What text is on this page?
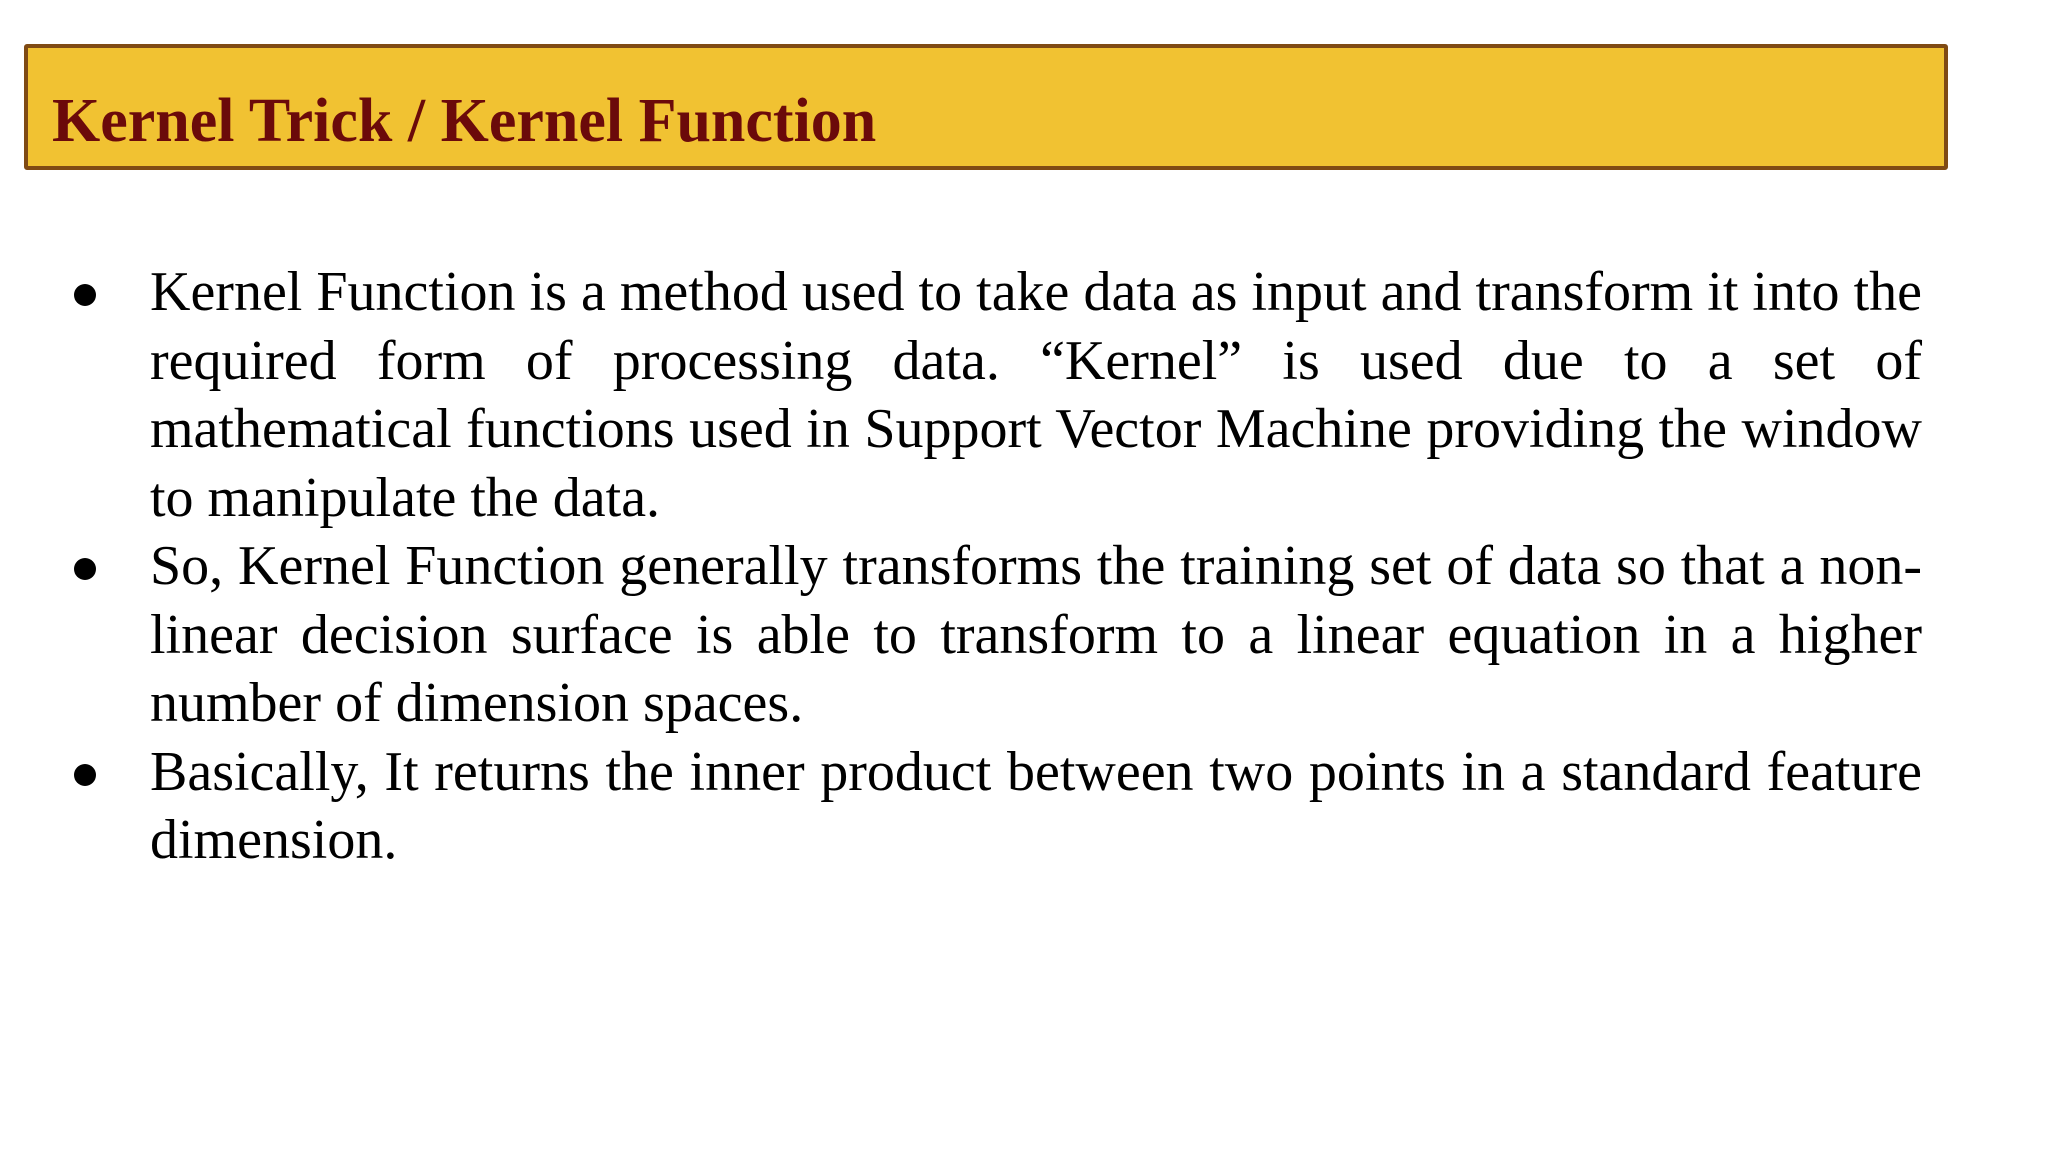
Kernel Trick / Kernel Function
Kernel Function is a method used to take data as input and transform it into the required form of processing data. “Kernel” is used due to a set of mathematical functions used in Support Vector Machine providing the window to manipulate the data.
So, Kernel Function generally transforms the training set of data so that a non-linear decision surface is able to transform to a linear equation in a higher number of dimension spaces.
Basically, It returns the inner product between two points in a standard feature dimension.
